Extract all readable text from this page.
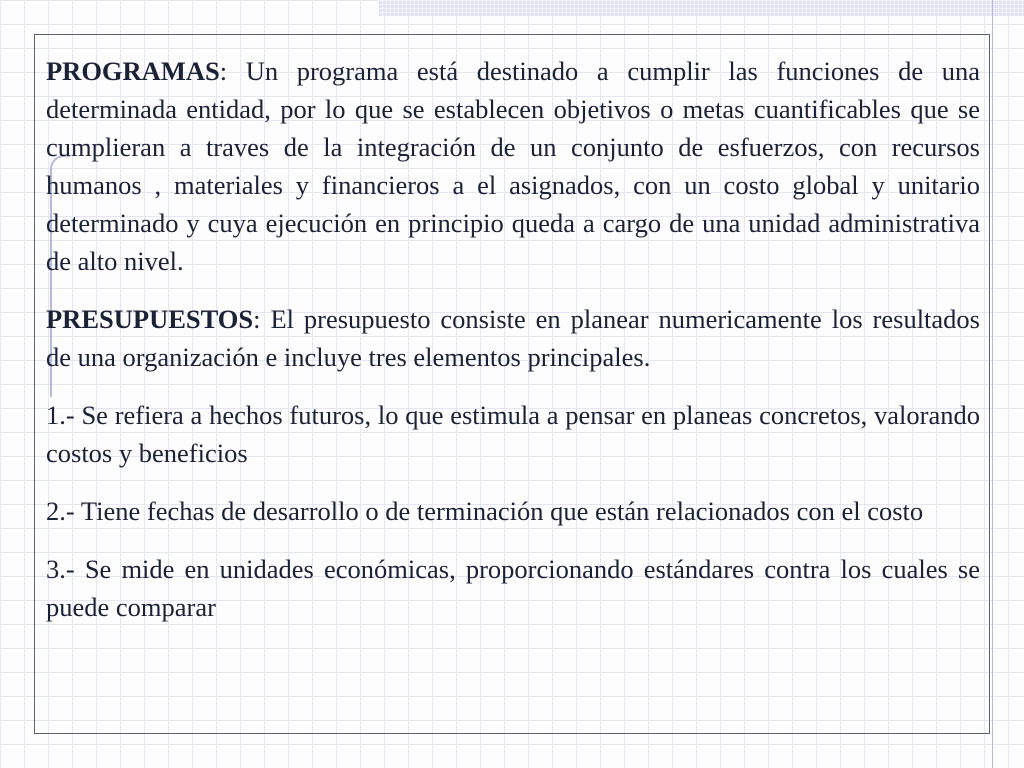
PROGRAMAS: Un programa está destinado a cumplir las funciones de una determinada entidad, por lo que se establecen objetivos o metas cuantificables que se cumplieran a traves de la integración de un conjunto de esfuerzos, con recursos humanos , materiales y financieros a el asignados, con un costo global y unitario determinado y cuya ejecución en principio queda a cargo de una unidad administrativa de alto nivel.

PRESUPUESTOS: El presupuesto consiste en planear numericamente los resultados de una organización e incluye tres elementos principales.

1.- Se refiera a hechos futuros, lo que estimula a pensar en planeas concretos, valorando costos y beneficios

2.- Tiene fechas de desarrollo o de terminación que están relacionados con el costo

3.- Se mide en unidades económicas, proporcionando estándares contra los cuales se puede comparar
